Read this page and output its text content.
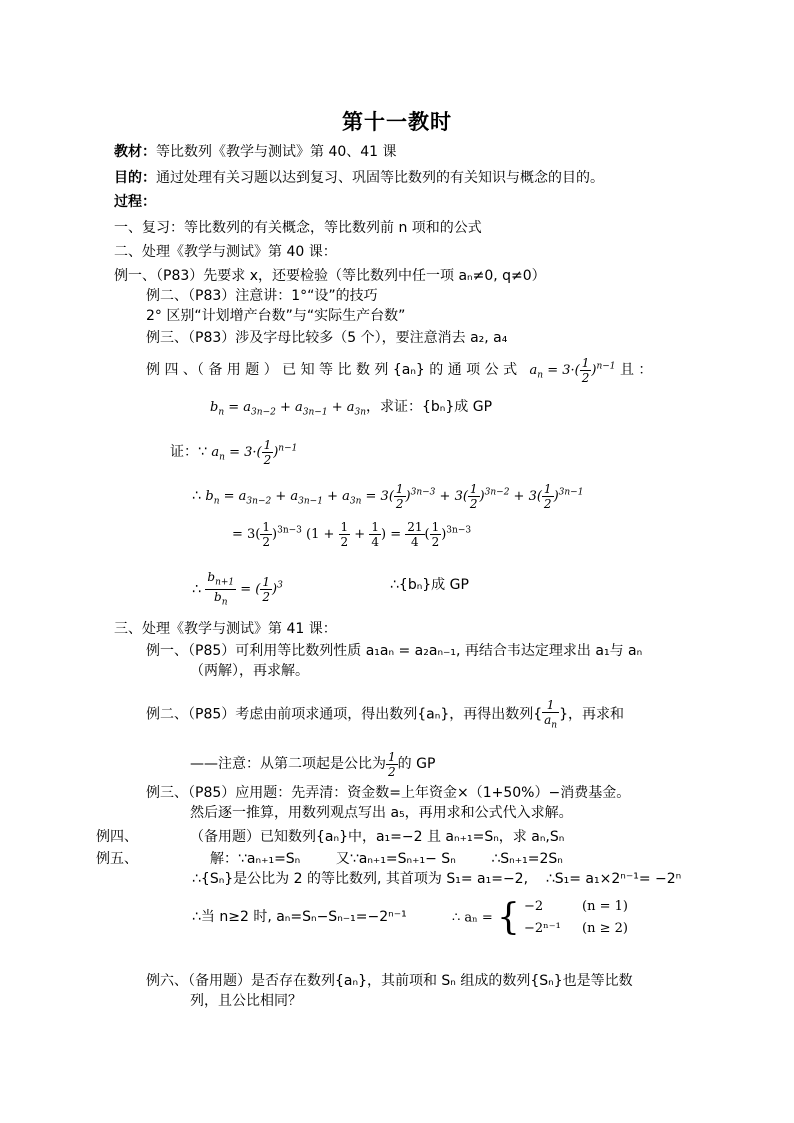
第十一教时
教材：等比数列《教学与测试》第 40、41 课
目的：通过处理有关习题以达到复习、巩固等比数列的有关知识与概念的目的。
过程：
一、复习：等比数列的有关概念，等比数列前 n 项和的公式
二、处理《教学与测试》第 40 课：
例一、（P83）先要求 x，还要检验（等比数列中任一项 aₙ≠0, q≠0）
例二、（P83）注意讲：1°“设”的技巧
2° 区别“计划增产台数”与“实际生产台数”
例三、（P83）涉及字母比较多（5 个），要注意消去 a₂, a₄
例 四 、（ 备 用 题 ） 已 知 等 比 数 列 {aₙ} 的 通 项 公 式 $a_n = 3\cdot( \frac{1}{2} )^{n-1}$ 且 ：
$b_n = a_{3n-2} + a_{3n-1} + a_{3n}$，求证：{bₙ}成 GP
证：∵ $a_n = 3\cdot( \frac{1}{2} )^{n-1}$
∴ $b_n = a_{3n-2} + a_{3n-1} + a_{3n} = 3( \frac{1}{2} )^{3n-3} + 3( \frac{1}{2} )^{3n-2} + 3( \frac{1}{2} )^{3n-1}$
= $3( \frac{1}{2} )^{3n-3}$ ($1 + \frac{1}{2} + \frac{1}{4}$ ) = $\frac{21}{4}$ ( $\frac{1}{2} )^{3n-3}$
∴ $\frac{b_{n+1}}{b_n}$ = ( $\frac{1}{2} )^3$	∴{bₙ}成 GP
三、处理《教学与测试》第 41 课：
例一、（P85）可利用等比数列性质 a₁aₙ = a₂aₙ₋₁, 再结合韦达定理求出 a₁与 aₙ
（两解），再求解。
例二、（P85）考虑由前项求通项，得出数列{aₙ}，再得出数列{ $\frac{1}{a_n}$ }，再求和
——注意：从第二项起是公比为 $\frac{1}{2}$ 的 GP
例三、（P85）应用题：先弄清：资金数=上年资金×（1+50%）−消费基金。
然后逐一推算，用数列观点写出 a₅，再用求和公式代入求解。
例四、	（备用题）已知数列{aₙ}中，a₁=−2 且 aₙ₊₁=Sₙ，求 aₙ,Sₙ
例五、	解：∵aₙ₊₁=Sₙ        又∵aₙ₊₁=Sₙ₊₁− Sₙ        ∴Sₙ₊₁=2Sₙ
∴{Sₙ}是公比为 2 的等比数列, 其首项为 S₁= a₁=−2,    ∴S₁= a₁×2ⁿ⁻¹= −2ⁿ
∴当 n≥2 时, aₙ=Sₙ−Sₙ₋₁=−2ⁿ⁻¹	∴ aₙ = { −2	(n = 1)
−2ⁿ⁻¹ (n ≥ 2)
例六、（备用题）是否存在数列{aₙ}，其前项和 Sₙ 组成的数列{Sₙ}也是等比数
列，且公比相同？
